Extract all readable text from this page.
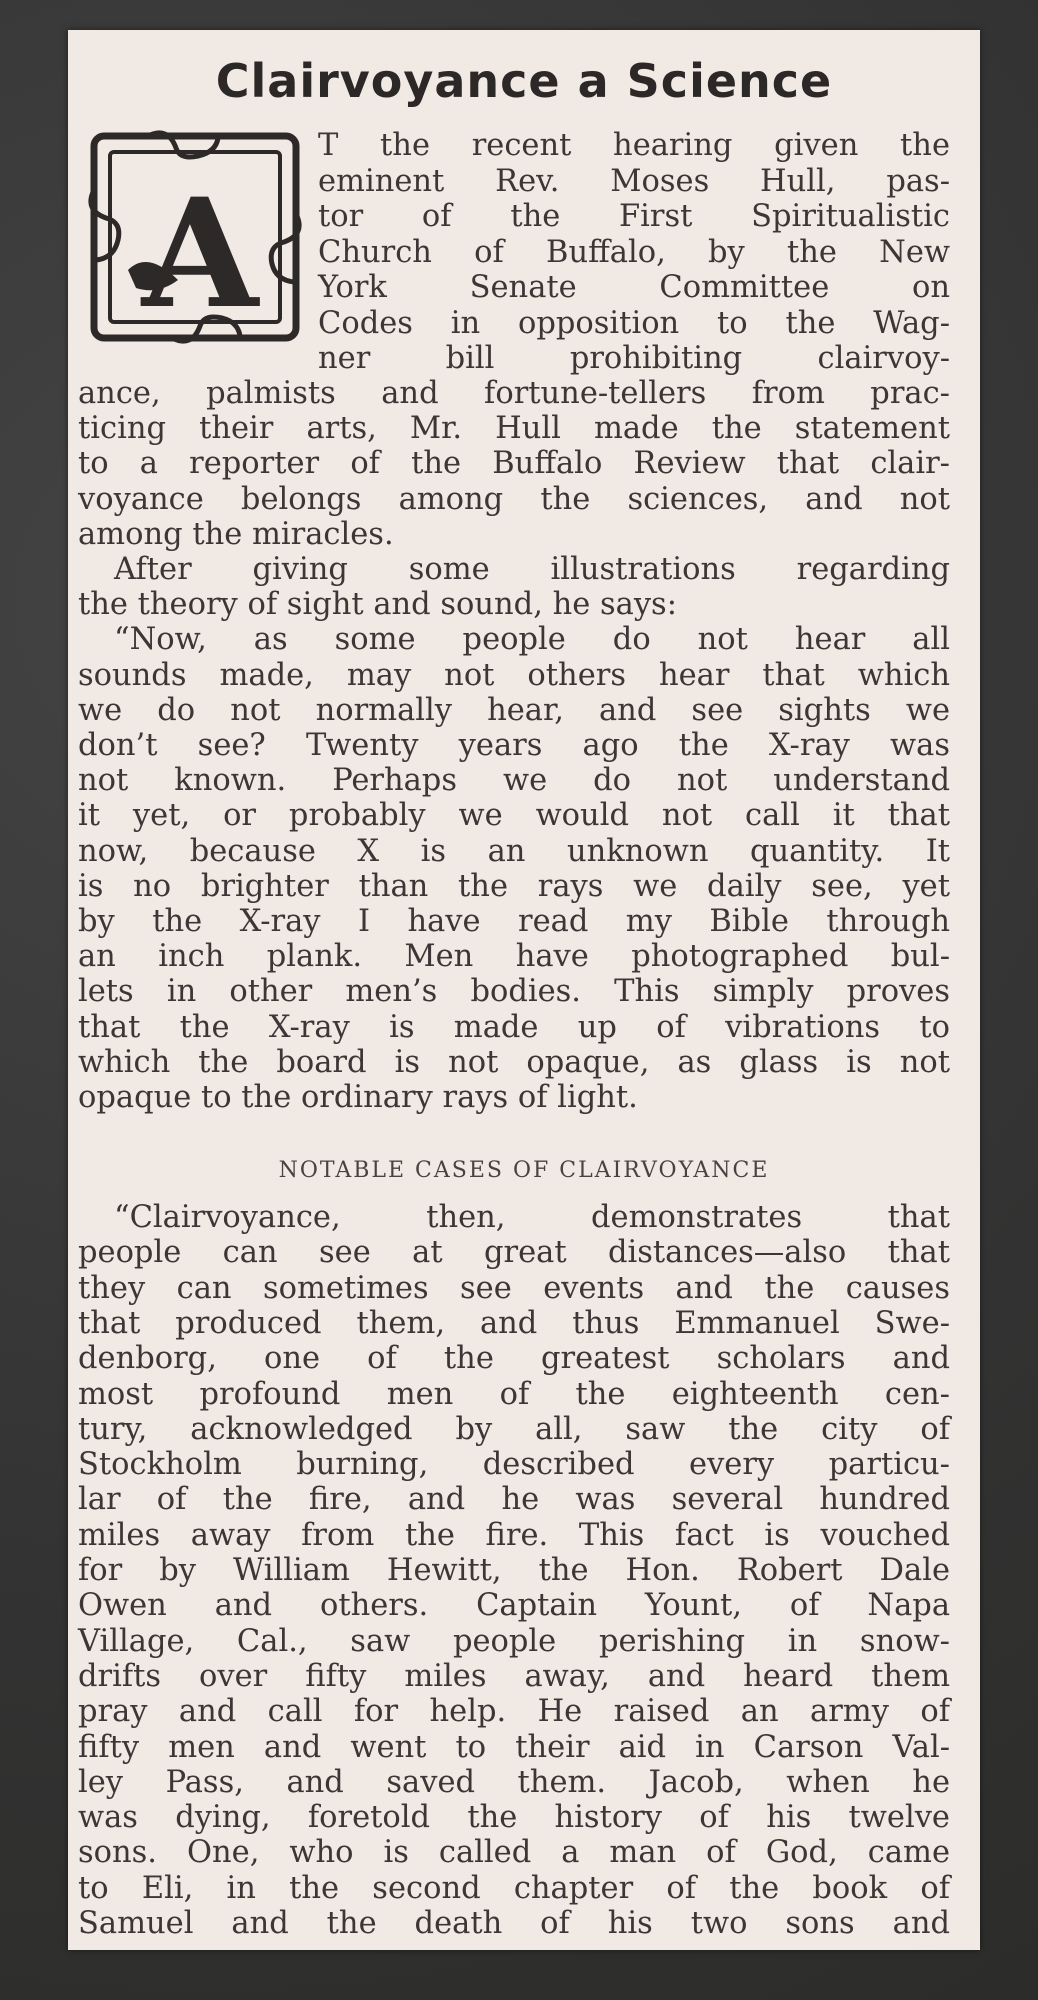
Clairvoyance a Science
A
T the recent hearing given the
eminent Rev. Moses Hull, pas-
tor of the First Spiritualistic
Church of Buffalo, by the New
York Senate Committee on
Codes in opposition to the Wag-
ner bill prohibiting clairvoy-
ance, palmists and fortune-tellers from prac-
ticing their arts, Mr. Hull made the statement
to a reporter of the Buffalo Review that clair-
voyance belongs among the sciences, and not
among the miracles.
After giving some illustrations regarding
the theory of sight and sound, he says:
“Now, as some people do not hear all
sounds made, may not others hear that which
we do not normally hear, and see sights we
don’t see? Twenty years ago the X-ray was
not known. Perhaps we do not understand
it yet, or probably we would not call it that
now, because X is an unknown quantity. It
is no brighter than the rays we daily see, yet
by the X-ray I have read my Bible through
an inch plank. Men have photographed bul-
lets in other men’s bodies. This simply proves
that the X-ray is made up of vibrations to
which the board is not opaque, as glass is not
opaque to the ordinary rays of light.
NOTABLE CASES OF CLAIRVOYANCE
“Clairvoyance, then, demonstrates that
people can see at great distances—also that
they can sometimes see events and the causes
that produced them, and thus Emmanuel Swe-
denborg, one of the greatest scholars and
most profound men of the eighteenth cen-
tury, acknowledged by all, saw the city of
Stockholm burning, described every particu-
lar of the fire, and he was several hundred
miles away from the fire. This fact is vouched
for by William Hewitt, the Hon. Robert Dale
Owen and others. Captain Yount, of Napa
Village, Cal., saw people perishing in snow-
drifts over fifty miles away, and heard them
pray and call for help. He raised an army of
fifty men and went to their aid in Carson Val-
ley Pass, and saved them. Jacob, when he
was dying, foretold the history of his twelve
sons. One, who is called a man of God, came
to Eli, in the second chapter of the book of
Samuel and the death of his two sons and
